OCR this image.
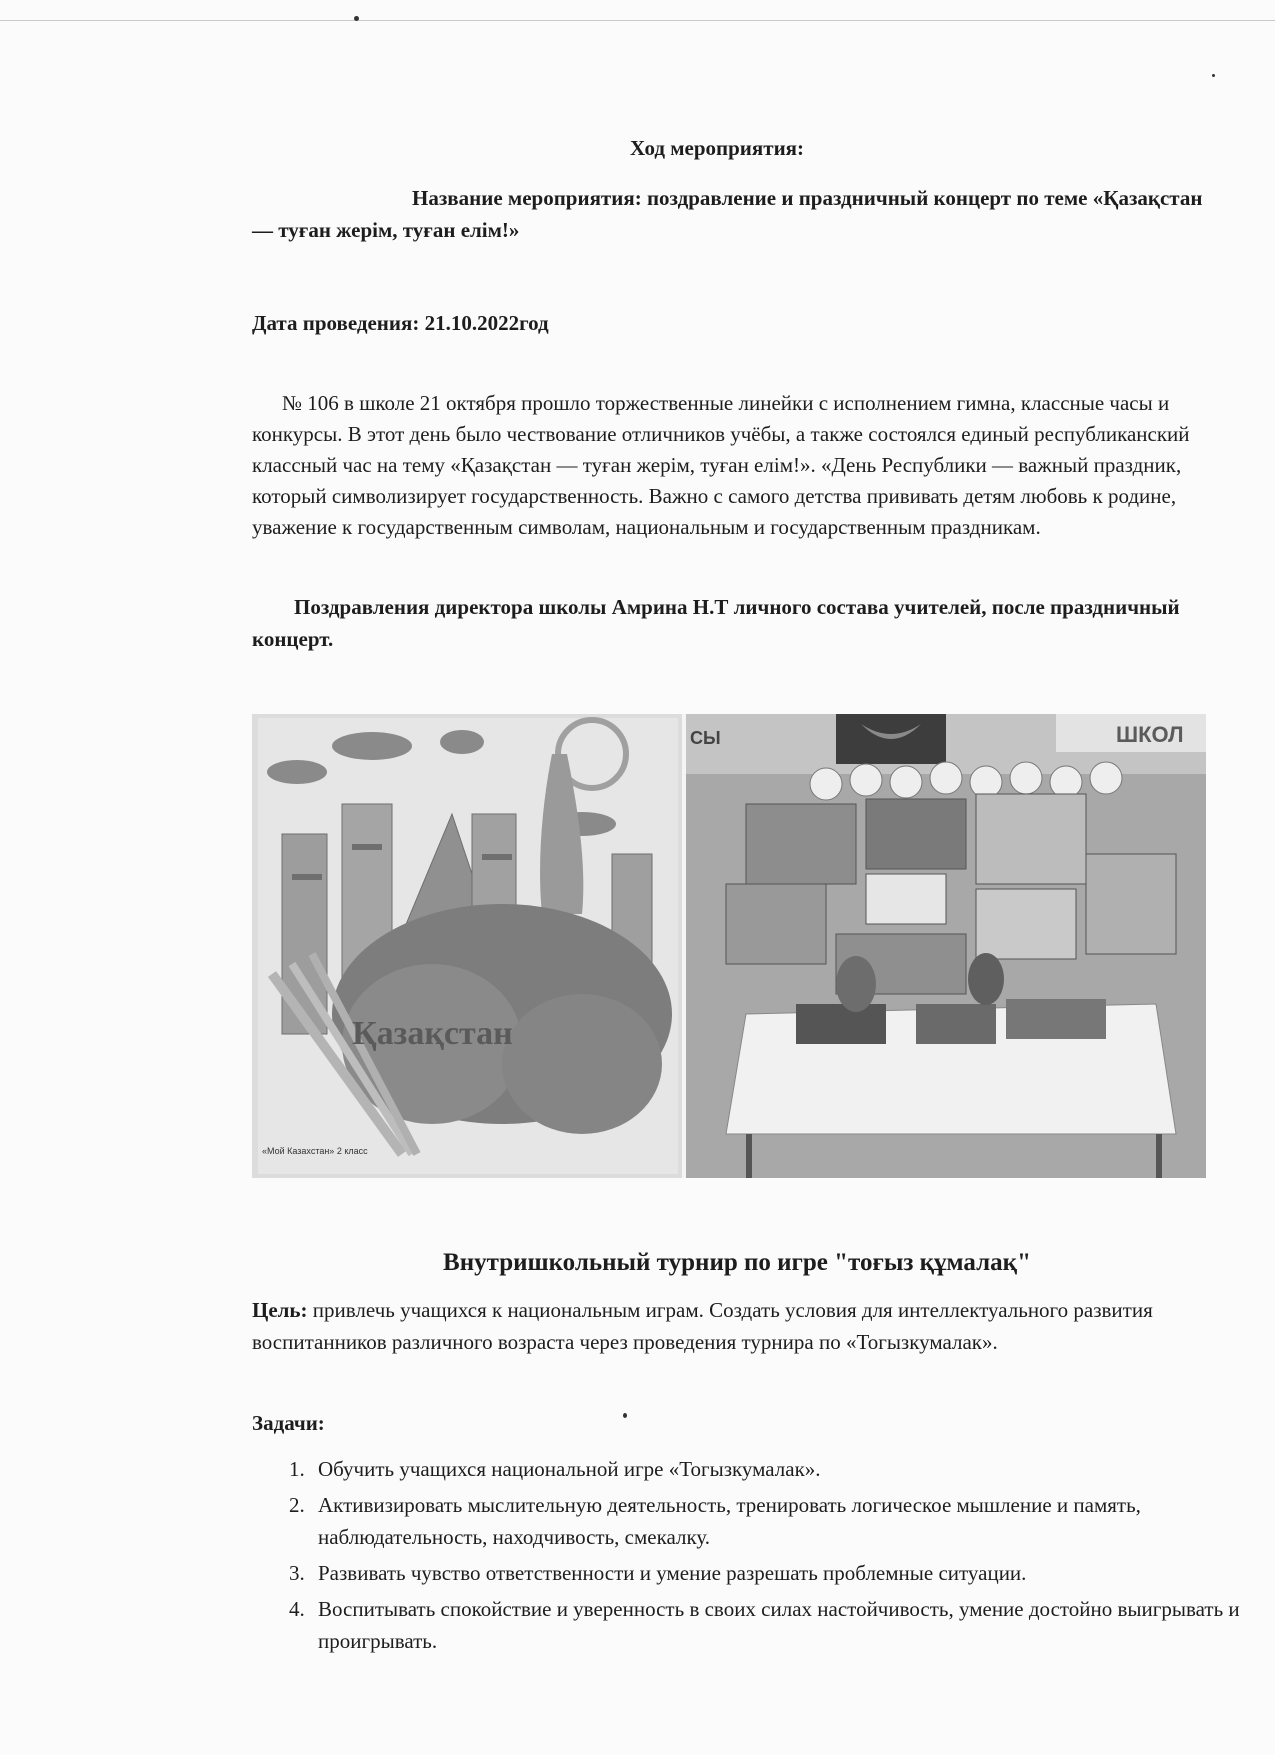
Ход мероприятия:
Название мероприятия: поздравление и праздничный концерт по теме «Қазақстан — туған жерім, туған елім!»
Дата проведения: 21.10.2022год
№ 106 в школе 21 октября прошло торжественные линейки с исполнением гимна, классные часы и конкурсы. В этот день было чествование отличников учёбы, а также состоялся единый республиканский классный час на тему «Қазақстан — туған жерім, туған елім!». «День Республики — важный праздник, который символизирует государственность. Важно с самого детства прививать детям любовь к родине, уважение к государственным символам, национальным и государственным праздникам.
Поздравления директора школы Амрина Н.Т личного состава учителей, после праздничный концерт.
Қазақстан
«Мой Казахстан» 2 класс
ШКОЛ
СЫ
Внутришкольный турнир по игре "тоғыз құмалақ"
Цель: привлечь учащихся к национальным играм. Создать условия для интеллектуального развития воспитанников различного возраста через проведения турнира по «Тогызкумалак».
Задачи:
1. Обучить учащихся национальной игре «Тогызкумалак».
2. Активизировать мыслительную деятельность, тренировать логическое мышление и память, наблюдательность, находчивость, смекалку.
3. Развивать чувство ответственности и умение разрешать проблемные ситуации.
4. Воспитывать спокойствие и уверенность в своих силах настойчивость, умение достойно выигрывать и проигрывать.
